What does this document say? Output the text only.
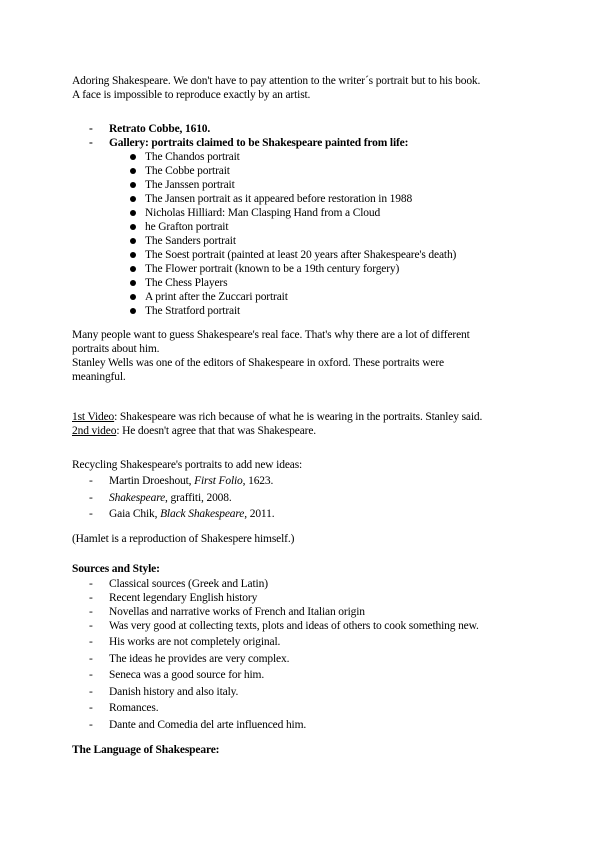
Adoring Shakespeare. We don't have to pay attention to the writer´s portrait but to his book.
A face is impossible to reproduce exactly by an artist.

- Retrato Cobbe, 1610.
- Gallery: portraits claimed to be Shakespeare painted from life:
The Chandos portrait
The Cobbe portrait
The Janssen portrait
The Jansen portrait as it appeared before restoration in 1988
Nicholas Hilliard: Man Clasping Hand from a Cloud
he Grafton portrait
The Sanders portrait
The Soest portrait (painted at least 20 years after Shakespeare's death)
The Flower portrait (known to be a 19th century forgery)
The Chess Players
A print after the Zuccari portrait
The Stratford portrait

Many people want to guess Shakespeare's real face. That's why there are a lot of different
portraits about him.
Stanley Wells was one of the editors of Shakespeare in oxford. These portraits were
meaningful.

1st Video: Shakespeare was rich because of what he is wearing in the portraits. Stanley said.
2nd video: He doesn't agree that that was Shakespeare.

Recycling Shakespeare's portraits to add new ideas:

- Martin Droeshout, First Folio, 1623.
- Shakespeare, graffiti, 2008.
- Gaia Chik, Black Shakespeare, 2011.

(Hamlet is a reproduction of Shakespere himself.)

Sources and Style:

- Classical sources (Greek and Latin)
- Recent legendary English history
- Novellas and narrative works of French and Italian origin
- Was very good at collecting texts, plots and ideas of others to cook something new.
- His works are not completely original.
- The ideas he provides are very complex.
- Seneca was a good source for him.
- Danish history and also italy.
- Romances.
- Dante and Comedia del arte influenced him.

The Language of Shakespeare:
